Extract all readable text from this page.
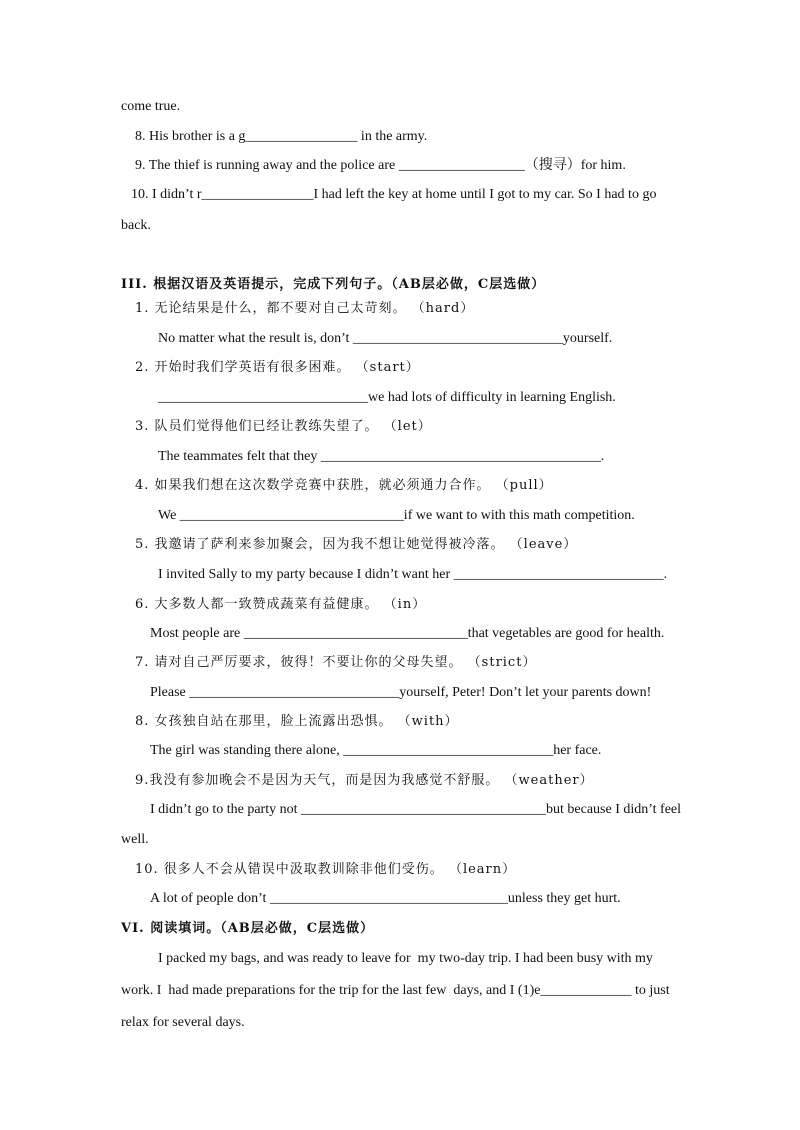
come true.
8. His brother is a g________________ in the army.
9. The thief is running away and the police are __________________（搜寻）for him.
10. I didn’t r________________I had left the key at home until I got to my car. So I had to go
back.
III. 根据汉语及英语提示，完成下列句子。（AB层必做，C层选做）
1. 无论结果是什么，都不要对自己太苛刻。 （hard）
No matter what the result is, don’t ______________________________yourself.
2. 开始时我们学英语有很多困难。 （start）
______________________________we had lots of difficulty in learning English.
3. 队员们觉得他们已经让教练失望了。 （let）
The teammates felt that they ________________________________________.
4. 如果我们想在这次数学竞赛中获胜，就必须通力合作。 （pull）
We ________________________________if we want to with this math competition.
5. 我邀请了萨利来参加聚会，因为我不想让她觉得被冷落。 （leave）
I invited Sally to my party because I didn’t want her ______________________________.
6. 大多数人都一致赞成蔬菜有益健康。 （in）
Most people are ________________________________that vegetables are good for health.
7. 请对自己严厉要求，彼得！不要让你的父母失望。 （strict）
Please ______________________________yourself, Peter! Don’t let your parents down!
8. 女孩独自站在那里，脸上流露出恐惧。 （with）
The girl was standing there alone, ______________________________her face.
9.我没有参加晚会不是因为天气，而是因为我感觉不舒服。 （weather）
I didn’t go to the party not ___________________________________but because I didn’t feel
well.
10. 很多人不会从错误中汲取教训除非他们受伤。 （learn）
A lot of people don’t __________________________________unless they get hurt.
VI. 阅读填词。（AB层必做，C层选做）
I packed my bags, and was ready to leave for  my two-day trip. I had been busy with my
work. I  had made preparations for the trip for the last few  days, and I (1)e_____________ to just
relax for several days.
